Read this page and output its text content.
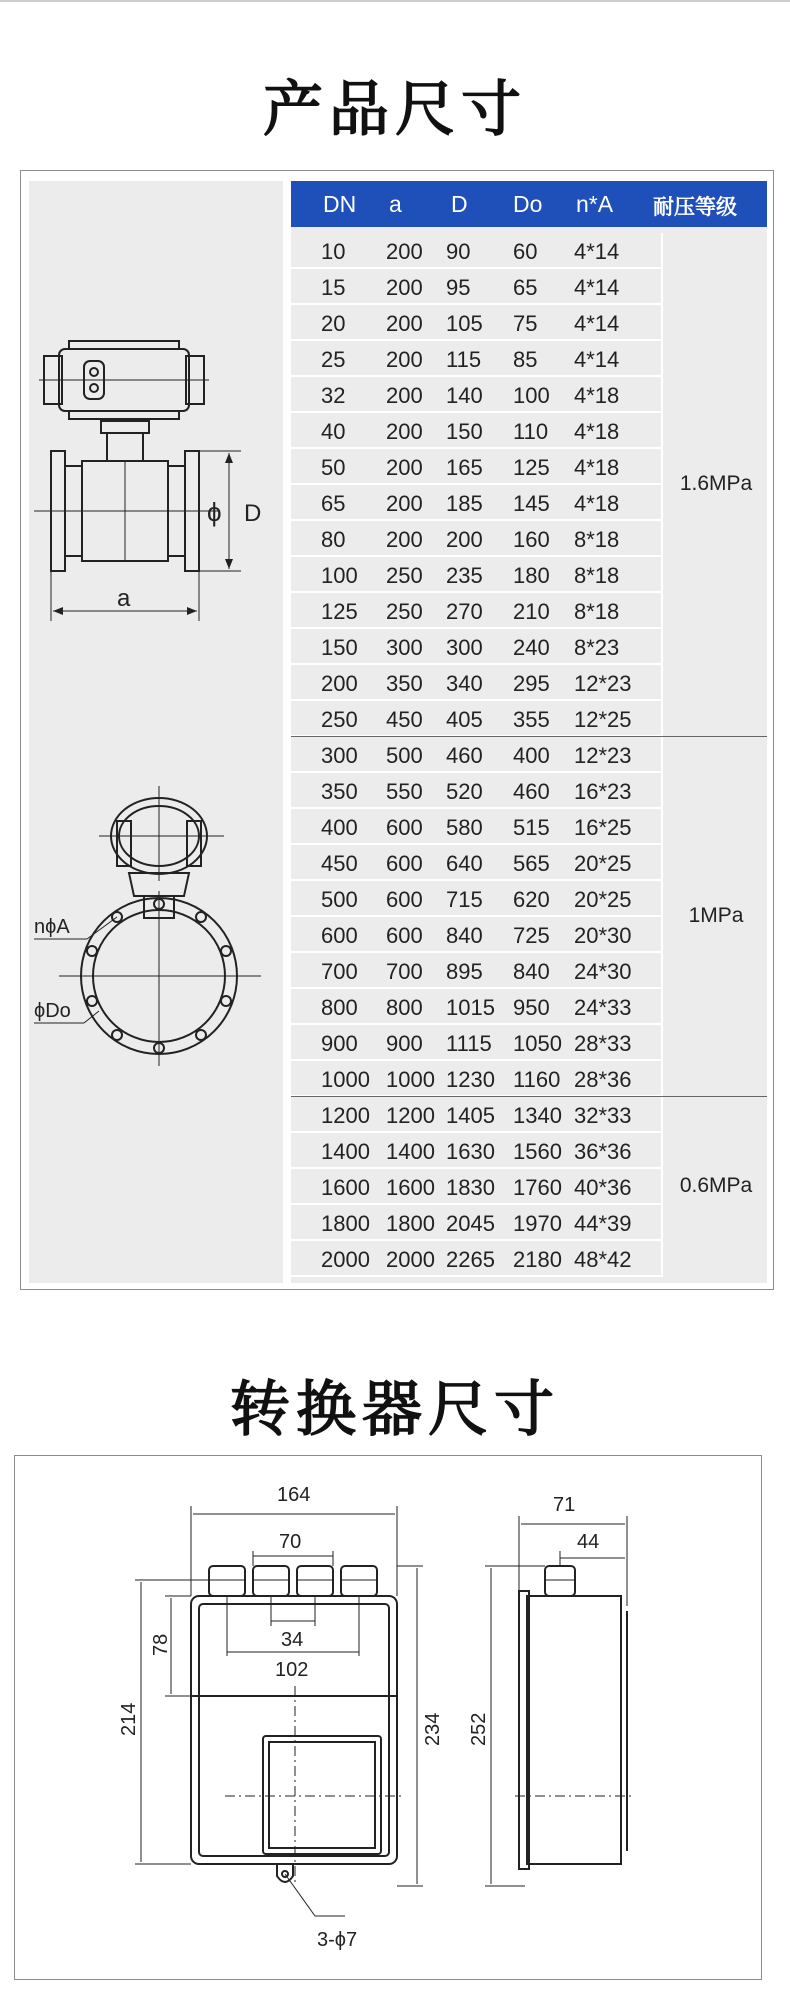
产品尺寸
ϕ D
a
nϕA
ϕDo
DN a D Do n*A 耐压等级
10 200 90 60 4*14
15 200 95 65 4*14
20 200 105 75 4*14
25 200 115 85 4*14
32 200 140 100 4*18
40 200 150 110 4*18
50 200 165 125 4*18
65 200 185 145 4*18
80 200 200 160 8*18
100 250 235 180 8*18
125 250 270 210 8*18
150 300 300 240 8*23
200 350 340 295 12*23
250 450 405 355 12*25
300 500 460 400 12*23
350 550 520 460 16*23
400 600 580 515 16*25
450 600 640 565 20*25
500 600 715 620 20*25
600 600 840 725 20*30
700 700 895 840 24*30
800 800 1015 950 24*33
900 900 1115 1050 28*33
1000 1000 1230 1160 28*36
1200 1200 1405 1340 32*33
1400 1400 1630 1560 36*36
1600 1600 1830 1760 40*36
1800 1800 2045 1970 44*39
2000 2000 2265 2180 48*42
1.6MPa
1MPa
0.6MPa
转换器尺寸
164
70
34
102
71
44
3-ϕ7
78
214	234 252
